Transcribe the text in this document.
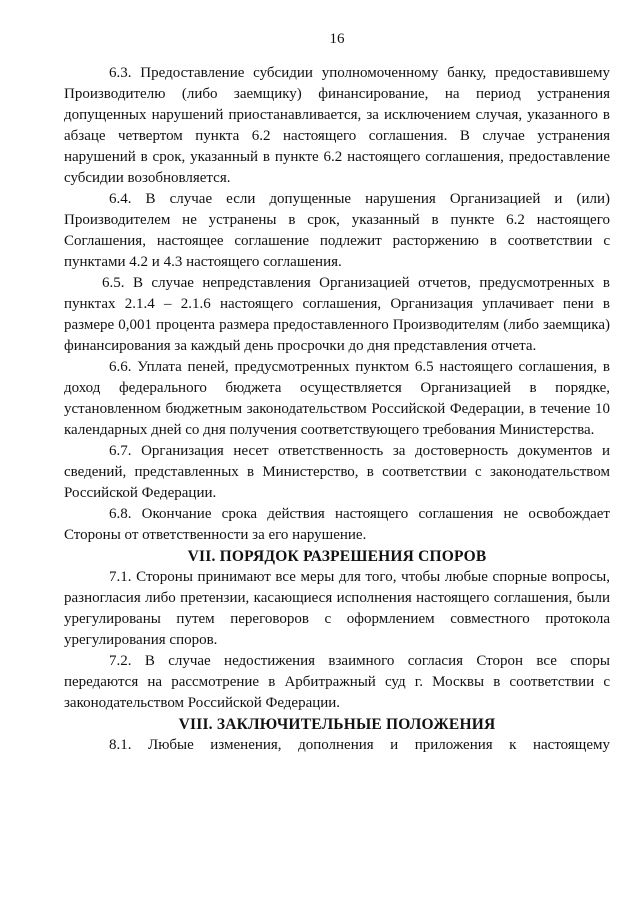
16

6.3. Предоставление субсидии уполномоченному банку, предоставившему Производителю (либо заемщику) финансирование, на период устранения допущенных нарушений приостанавливается, за исключением случая, указанного в абзаце четвертом пункта 6.2 настоящего соглашения. В случае устранения нарушений в срок, указанный в пункте 6.2 настоящего соглашения, предоставление субсидии возобновляется.

6.4. В случае если допущенные нарушения Организацией и (или) Производителем не устранены в срок, указанный в пункте 6.2 настоящего Соглашения, настоящее соглашение подлежит расторжению в соответствии с пунктами 4.2 и 4.3 настоящего соглашения.

6.5. В случае непредставления Организацией отчетов, предусмотренных в пунктах 2.1.4 – 2.1.6 настоящего соглашения, Организация уплачивает пени в размере 0,001 процента размера предоставленного Производителям (либо заемщика) финансирования за каждый день просрочки до дня представления отчета.

6.6. Уплата пеней, предусмотренных пунктом 6.5 настоящего соглашения, в доход федерального бюджета осуществляется Организацией в порядке, установленном бюджетным законодательством Российской Федерации, в течение 10 календарных дней со дня получения соответствующего требования Министерства.

6.7. Организация несет ответственность за достоверность документов и сведений, представленных в Министерство, в соответствии с законодательством Российской Федерации.

6.8. Окончание срока действия настоящего соглашения не освобождает Стороны от ответственности за его нарушение.

VII. ПОРЯДОК РАЗРЕШЕНИЯ СПОРОВ

7.1. Стороны принимают все меры для того, чтобы любые спорные вопросы, разногласия либо претензии, касающиеся исполнения настоящего соглашения, были урегулированы путем переговоров с оформлением совместного протокола урегулирования споров.

7.2. В случае недостижения взаимного согласия Сторон все споры передаются на рассмотрение в Арбитражный суд г. Москвы в соответствии с законодательством Российской Федерации.

VIII. ЗАКЛЮЧИТЕЛЬНЫЕ ПОЛОЖЕНИЯ

8.1. Любые изменения, дополнения и приложения к настоящему
